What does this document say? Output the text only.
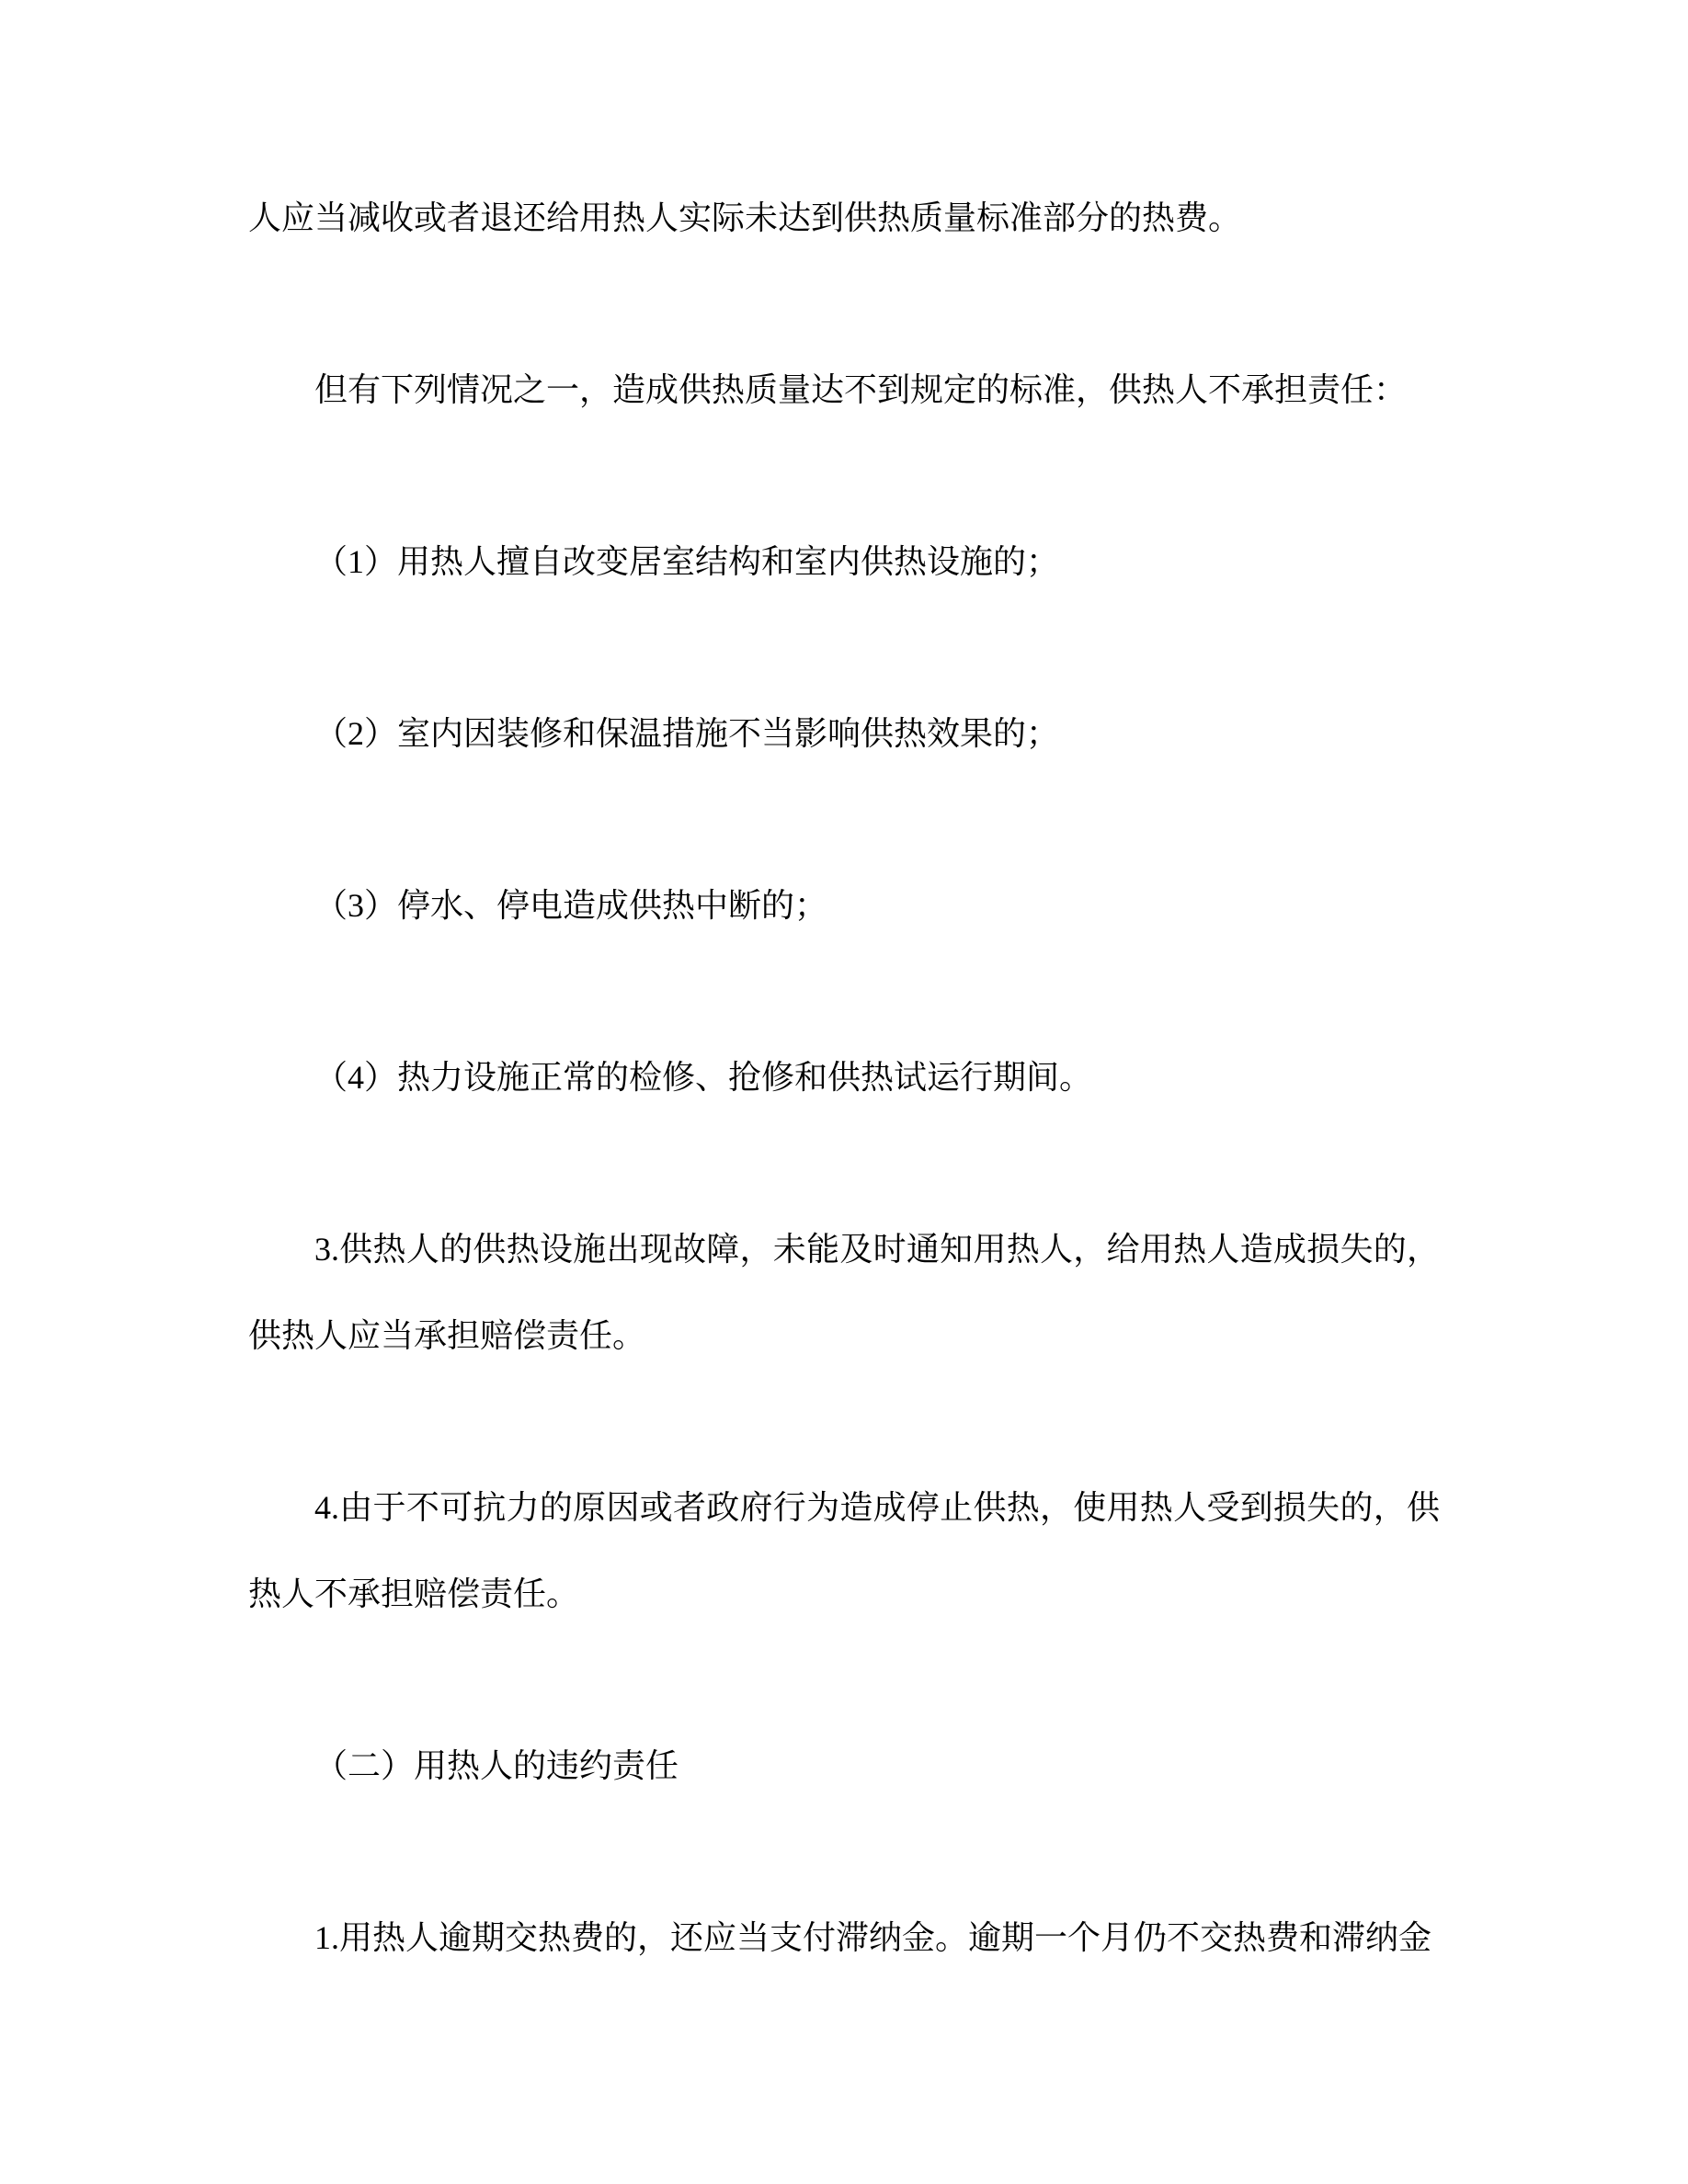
人应当减收或者退还给用热人实际未达到供热质量标准部分的热费。

但有下列情况之一，造成供热质量达不到规定的标准，供热人不承担责任：

（1）用热人擅自改变居室结构和室内供热设施的；

（2）室内因装修和保温措施不当影响供热效果的；

（3）停水、停电造成供热中断的；

（4）热力设施正常的检修、抢修和供热试运行期间。

3.供热人的供热设施出现故障，未能及时通知用热人，给用热人造成损失的，供热人应当承担赔偿责任。

4.由于不可抗力的原因或者政府行为造成停止供热，使用热人受到损失的，供热人不承担赔偿责任。

（二）用热人的违约责任

1.用热人逾期交热费的，还应当支付滞纳金。逾期一个月仍不交热费和滞纳金
